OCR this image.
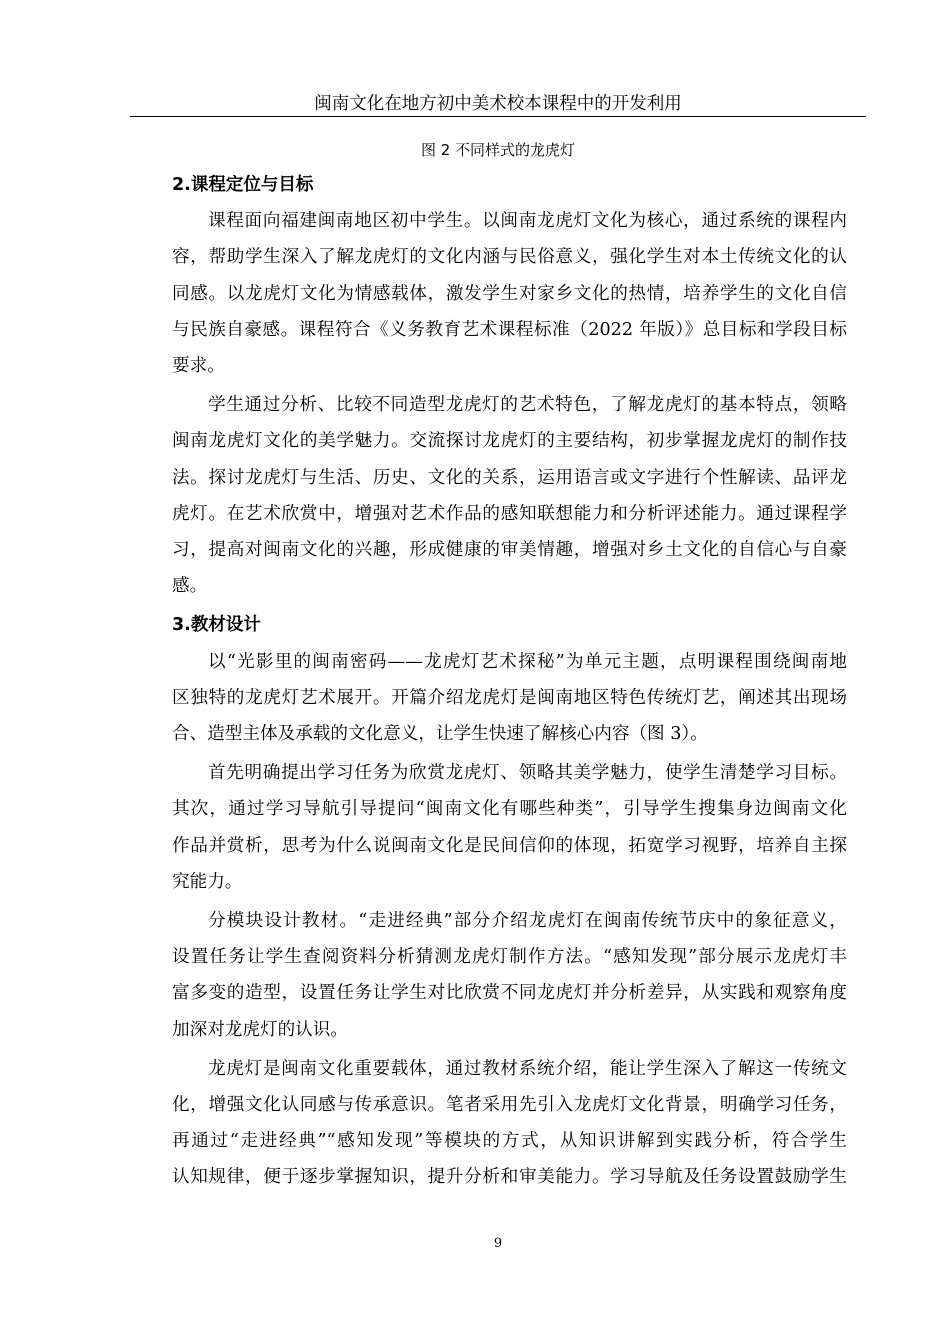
闽南文化在地方初中美术校本课程中的开发利用
图 2 不同样式的龙虎灯
2.课程定位与目标
课程面向福建闽南地区初中学生。以闽南龙虎灯文化为核心，通过系统的课程内
容，帮助学生深入了解龙虎灯的文化内涵与民俗意义，强化学生对本土传统文化的认
同感。以龙虎灯文化为情感载体，激发学生对家乡文化的热情，培养学生的文化自信
与民族自豪感。课程符合《义务教育艺术课程标准（2022 年版）》总目标和学段目标
要求。
学生通过分析、比较不同造型龙虎灯的艺术特色，了解龙虎灯的基本特点，领略
闽南龙虎灯文化的美学魅力。交流探讨龙虎灯的主要结构，初步掌握龙虎灯的制作技
法。探讨龙虎灯与生活、历史、文化的关系，运用语言或文字进行个性解读、品评龙
虎灯。在艺术欣赏中，增强对艺术作品的感知联想能力和分析评述能力。通过课程学
习，提高对闽南文化的兴趣，形成健康的审美情趣，增强对乡土文化的自信心与自豪
感。
3.教材设计
以“光影里的闽南密码——龙虎灯艺术探秘”为单元主题，点明课程围绕闽南地
区独特的龙虎灯艺术展开。开篇介绍龙虎灯是闽南地区特色传统灯艺，阐述其出现场
合、造型主体及承载的文化意义，让学生快速了解核心内容（图 3）。
首先明确提出学习任务为欣赏龙虎灯、领略其美学魅力，使学生清楚学习目标。
其次，通过学习导航引导提问“闽南文化有哪些种类”，引导学生搜集身边闽南文化
作品并赏析，思考为什么说闽南文化是民间信仰的体现，拓宽学习视野，培养自主探
究能力。
分模块设计教材。“走进经典”部分介绍龙虎灯在闽南传统节庆中的象征意义，
设置任务让学生查阅资料分析猜测龙虎灯制作方法。“感知发现”部分展示龙虎灯丰
富多变的造型，设置任务让学生对比欣赏不同龙虎灯并分析差异，从实践和观察角度
加深对龙虎灯的认识。
龙虎灯是闽南文化重要载体，通过教材系统介绍，能让学生深入了解这一传统文
化，增强文化认同感与传承意识。笔者采用先引入龙虎灯文化背景，明确学习任务，
再通过“走进经典”“感知发现”等模块的方式，从知识讲解到实践分析，符合学生
认知规律，便于逐步掌握知识，提升分析和审美能力。学习导航及任务设置鼓励学生
9
